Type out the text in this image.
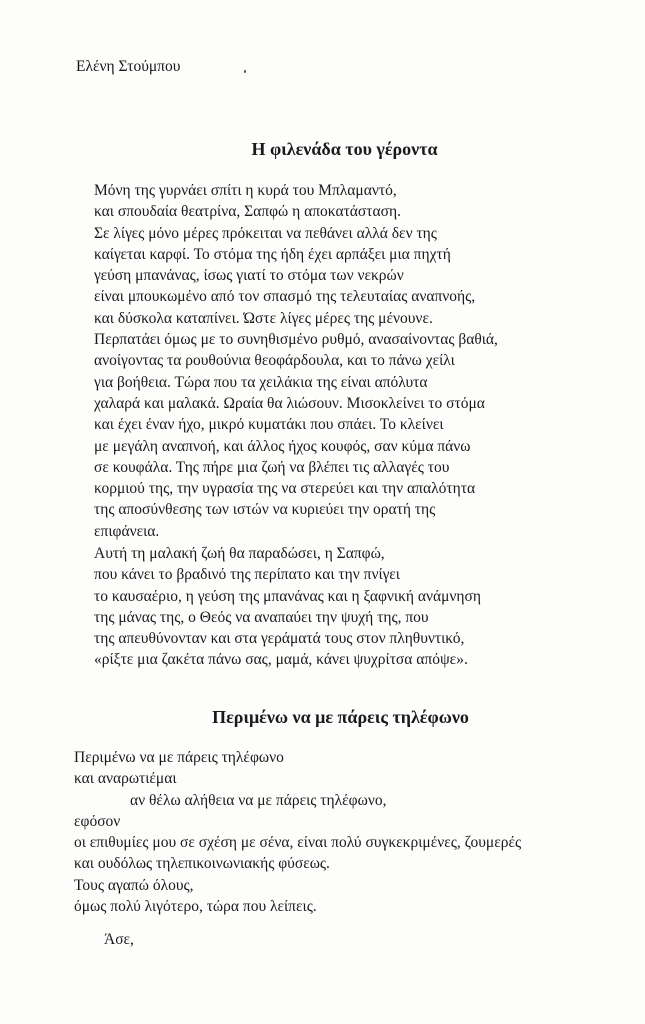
Ελένη Στούμπου
Η φιλενάδα του γέροντα
Μόνη της γυρνάει σπίτι η κυρά του Μπλαμαντό,
και σπουδαία θεατρίνα, Σαπφώ η αποκατάσταση.
Σε λίγες μόνο μέρες πρόκειται να πεθάνει αλλά δεν της
καίγεται καρφί. Το στόμα της ήδη έχει αρπάξει μια πηχτή
γεύση μπανάνας, ίσως γιατί το στόμα των νεκρών
είναι μπουκωμένο από τον σπασμό της τελευταίας αναπνοής,
και δύσκολα καταπίνει. Ώστε λίγες μέρες της μένουνε.
Περπατάει όμως με το συνηθισμένο ρυθμό, ανασαίνοντας βαθιά,
ανοίγοντας τα ρουθούνια θεοφάρδουλα, και το πάνω χείλι
για βοήθεια. Τώρα που τα χειλάκια της είναι απόλυτα
χαλαρά και μαλακά. Ωραία θα λιώσουν. Μισοκλείνει το στόμα
και έχει έναν ήχο, μικρό κυματάκι που σπάει. Το κλείνει
με μεγάλη αναπνοή, και άλλος ήχος κουφός, σαν κύμα πάνω
σε κουφάλα. Της πήρε μια ζωή να βλέπει τις αλλαγές του
κορμιού της, την υγρασία της να στερεύει και την απαλότητα
της αποσύνθεσης των ιστών να κυριεύει την ορατή της
επιφάνεια.
Αυτή τη μαλακή ζωή θα παραδώσει, η Σαπφώ,
που κάνει το βραδινό της περίπατο και την πνίγει
το καυσαέριο, η γεύση της μπανάνας και η ξαφνική ανάμνηση
της μάνας της, ο Θεός να αναπαύει την ψυχή της, που
της απευθύνονταν και στα γεράματά τους στον πληθυντικό,
«ρίξτε μια ζακέτα πάνω σας, μαμά, κάνει ψυχρίτσα απόψε».
Περιμένω να με πάρεις τηλέφωνο
Περιμένω να με πάρεις τηλέφωνο
και αναρωτιέμαι
αν θέλω αλήθεια να με πάρεις τηλέφωνο,
εφόσον
οι επιθυμίες μου σε σχέση με σένα, είναι πολύ συγκεκριμένες, ζουμερές
και ουδόλως τηλεπικοινωνιακής φύσεως.
Τους αγαπώ όλους,
όμως πολύ λιγότερο, τώρα που λείπεις.
Άσε,
